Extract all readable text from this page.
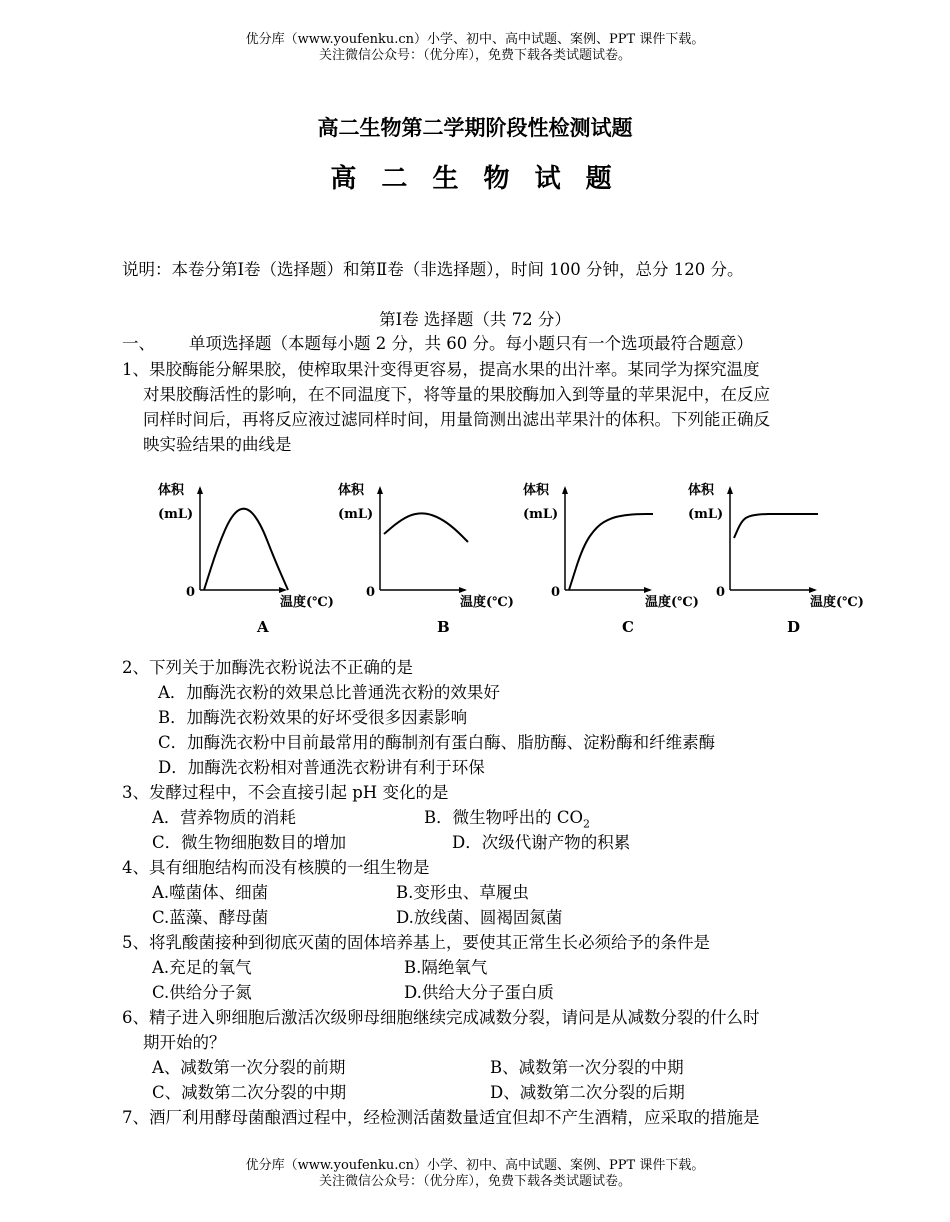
优分库（www.youfenku.cn）小学、初中、高中试题、案例、PPT 课件下载。
关注微信公众号：（优分库），免费下载各类试题试卷。
高二生物第二学期阶段性检测试题
高 二 生 物 试 题
说明：本卷分第Ⅰ卷（选择题）和第Ⅱ卷（非选择题），时间 100 分钟，总分 120 分。
第Ⅰ卷 选择题（共 72 分）
一、 单项选择题（本题每小题 2 分，共 60 分。每小题只有一个选项最符合题意）
1、果胶酶能分解果胶，使榨取果汁变得更容易，提高水果的出汁率。某同学为探究温度
对果胶酶活性的影响，在不同温度下，将等量的果胶酶加入到等量的苹果泥中，在反应
同样时间后，再将反应液过滤同样时间，用量筒测出滤出苹果汁的体积。下列能正确反
映实验结果的曲线是
体积
(mL)
0
温度(℃)
A
体积
(mL)
0
温度(℃)
B
体积
(mL)
0
温度(℃)
C
体积
(mL)
0
温度(℃)
D
2、下列关于加酶洗衣粉说法不正确的是
A．加酶洗衣粉的效果总比普通洗衣粉的效果好
B．加酶洗衣粉效果的好坏受很多因素影响
C．加酶洗衣粉中目前最常用的酶制剂有蛋白酶、脂肪酶、淀粉酶和纤维素酶
D．加酶洗衣粉相对普通洗衣粉讲有利于环保
3、发酵过程中，不会直接引起 pH 变化的是
A．营养物质的消耗	B．微生物呼出的 $CO_2$
C．微生物细胞数目的增加	D．次级代谢产物的积累
4、具有细胞结构而没有核膜的一组生物是
A.噬菌体、细菌	B.变形虫、草履虫
C.蓝藻、酵母菌	D.放线菌、圆褐固氮菌
5、将乳酸菌接种到彻底灭菌的固体培养基上，要使其正常生长必须给予的条件是
A.充足的氧气	B.隔绝氧气
C.供给分子氮	D.供给大分子蛋白质
6、精子进入卵细胞后激活次级卵母细胞继续完成减数分裂，请问是从减数分裂的什么时
期开始的？
A、减数第一次分裂的前期	B、减数第一次分裂的中期
C、减数第二次分裂的中期	D、减数第二次分裂的后期
7、酒厂利用酵母菌酿酒过程中，经检测活菌数量适宜但却不产生酒精，应采取的措施是
优分库（www.youfenku.cn）小学、初中、高中试题、案例、PPT 课件下载。
关注微信公众号：（优分库），免费下载各类试题试卷。
